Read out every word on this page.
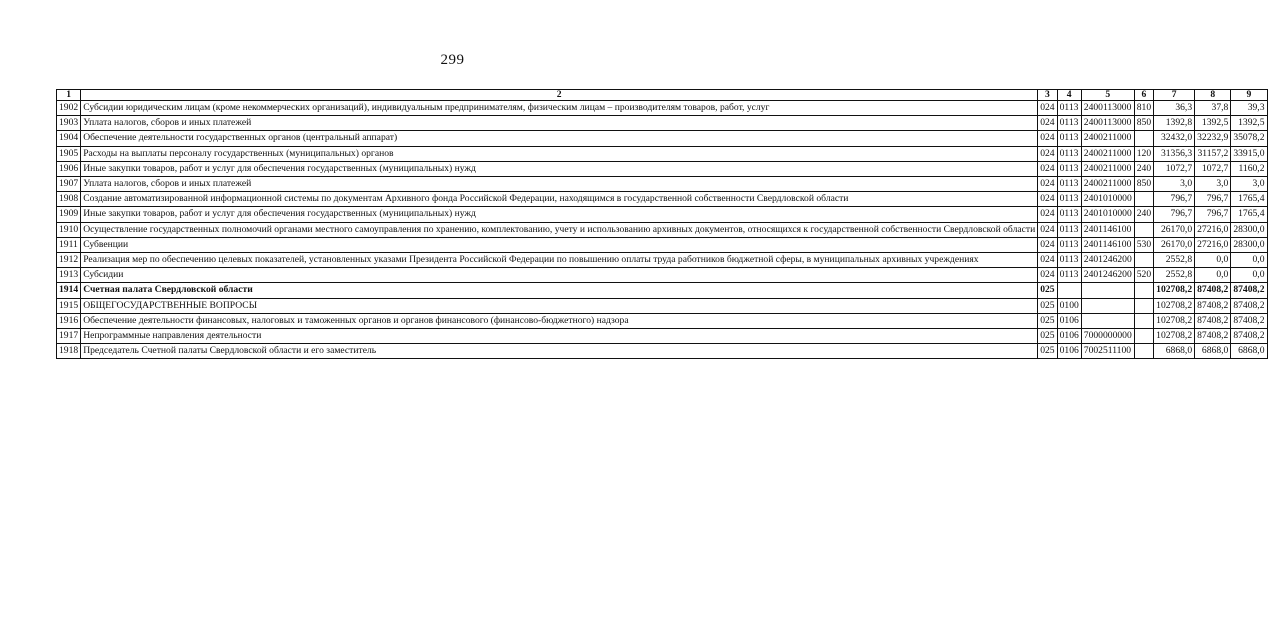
299
1	2	3	4	5	6	7	8	9
1902	Субсидии юридическим лицам (кроме некоммерческих организаций), индивидуальным предпринимателям, физическим лицам – производителям товаров, работ, услуг	024	0113	2400113000	810	36,3	37,8	39,3
1903	Уплата налогов, сборов и иных платежей	024	0113	2400113000	850	1392,8	1392,5	1392,5
1904	Обеспечение деятельности государственных органов (центральный аппарат)	024	0113	2400211000		32432,0	32232,9	35078,2
1905	Расходы на выплаты персоналу государственных (муниципальных) органов	024	0113	2400211000	120	31356,3	31157,2	33915,0
1906	Иные закупки товаров, работ и услуг для обеспечения государственных (муниципальных) нужд	024	0113	2400211000	240	1072,7	1072,7	1160,2
1907	Уплата налогов, сборов и иных платежей	024	0113	2400211000	850	3,0	3,0	3,0
1908	Создание автоматизированной информационной системы по документам Архивного фонда Российской Федерации, находящимся в государственной собственности Свердловской области	024	0113	2401010000		796,7	796,7	1765,4
1909	Иные закупки товаров, работ и услуг для обеспечения государственных (муниципальных) нужд	024	0113	2401010000	240	796,7	796,7	1765,4
1910	Осуществление государственных полномочий органами местного самоуправления по хранению, комплектованию, учету и использованию архивных документов, относящихся к государственной собственности Свердловской области	024	0113	2401146100		26170,0	27216,0	28300,0
1911	Субвенции	024	0113	2401146100	530	26170,0	27216,0	28300,0
1912	Реализация мер по обеспечению целевых показателей, установленных указами Президента Российской Федерации по повышению оплаты труда работников бюджетной сферы, в муниципальных архивных учреждениях	024	0113	2401246200		2552,8	0,0	0,0
1913	Субсидии	024	0113	2401246200	520	2552,8	0,0	0,0
1914	Счетная палата Свердловской области	025				102708,2	87408,2	87408,2
1915	ОБЩЕГОСУДАРСТВЕННЫЕ ВОПРОСЫ	025	0100			102708,2	87408,2	87408,2
1916	Обеспечение деятельности финансовых, налоговых и таможенных органов и органов финансового (финансово-бюджетного) надзора	025	0106			102708,2	87408,2	87408,2
1917	Непрограммные направления деятельности	025	0106	7000000000		102708,2	87408,2	87408,2
1918	Председатель Счетной палаты Свердловской области и его заместитель	025	0106	7002511100		6868,0	6868,0	6868,0
